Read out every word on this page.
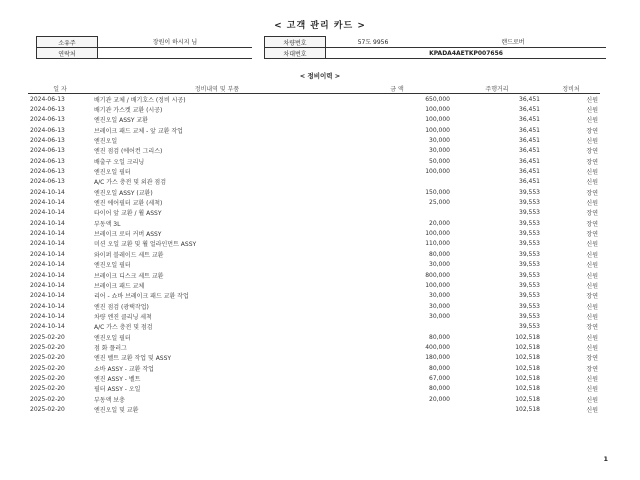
< 고객 관리 카드 >
소유주	장원이 하시지 님		차량번호	57도 9956	랜드로버
연락처			차대번호	KPADA4AETKP007656	
< 정비이력 >
일 자	정비내역 및 부품	금 액	주행거리	정비처
2024-06-13	배기관 교체 / 배기호스 (정비 시공)	650,000	36,451	신원
2024-06-13	배기관 가스켓 교환 (시공)	100,000	36,451	신원
2024-06-13	엔진오일 ASSY 교환	100,000	36,451	신원
2024-06-13	브레이크 패드 교체 - 앞 교환 작업	100,000	36,451	장연
2024-06-13	엔진오일	30,000	36,451	신원
2024-06-13	엔진 점검 (에어컨 그리스)	30,000	36,451	장연
2024-06-13	배출구 오일 크리닝	50,000	36,451	장연
2024-06-13	엔진오일 필터	100,000	36,451	신원
2024-06-13	A/C 가스 충전 및 외관 점검		36,451	신원
2024-10-14	엔진오일 ASSY (교환)	150,000	39,553	장연
2024-10-14	엔진 에어필터 교환 (세척)	25,000	39,553	신원
2024-10-14	타이어 앞 교환 / 휠 ASSY		39,553	장연
2024-10-14	부동액 3L	20,000	39,553	장연
2024-10-14	브레이크 로터 커버 ASSY	100,000	39,553	장연
2024-10-14	미션 오일 교환 및 휠 얼라인먼트 ASSY	110,000	39,553	신원
2024-10-14	와이퍼 블레이드 세트 교환	80,000	39,553	신원
2024-10-14	엔진오일 필터	30,000	39,553	신원
2024-10-14	브레이크 디스크 세트 교환	800,000	39,553	신원
2024-10-14	브레이크 패드 교체	100,000	39,553	신원
2024-10-14	리어 - 쇼바 브레이크 패드 교환 작업	30,000	39,553	장연
2024-10-14	엔진 점검 (광택작업)	30,000	39,553	신원
2024-10-14	차량 엔진 클리닝 세척	30,000	39,553	신원
2024-10-14	A/C 가스 충전 및 점검		39,553	장연
2025-02-20	엔진오일 필터	80,000	102,518	신원
2025-02-20	점 화 플러그	400,000	102,518	신원
2025-02-20	엔진 벨트 교환 작업 및 ASSY	180,000	102,518	장연
2025-02-20	쇼바 ASSY - 교환 작업	80,000	102,518	장연
2025-02-20	엔진 ASSY - 벨트	67,000	102,518	신원
2025-02-20	필터 ASSY - 오일	80,000	102,518	신원
2025-02-20	부동액 보충	20,000	102,518	신원
2025-02-20	엔진오일 및 교환		102,518	신원
1
